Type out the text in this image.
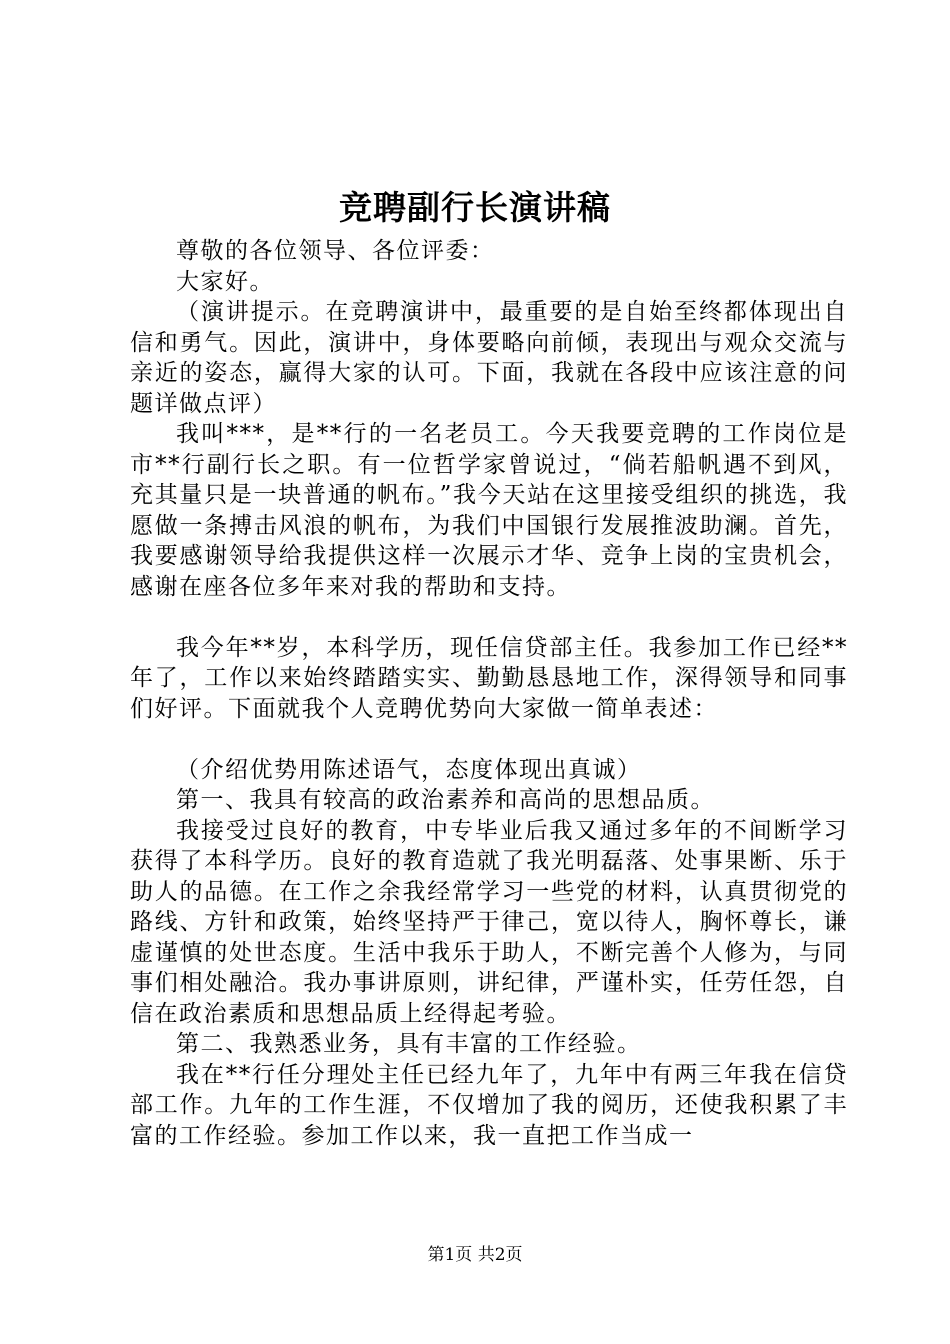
竞聘副行长演讲稿

尊敬的各位领导、各位评委：

大家好。

（演讲提示。在竞聘演讲中，最重要的是自始至终都体现出自信和勇气。因此，演讲中，身体要略向前倾，表现出与观众交流与亲近的姿态，赢得大家的认可。下面，我就在各段中应该注意的问题详做点评）

我叫***，是**行的一名老员工。今天我要竞聘的工作岗位是市**行副行长之职。有一位哲学家曾说过，“倘若船帆遇不到风，充其量只是一块普通的帆布。”我今天站在这里接受组织的挑选，我愿做一条搏击风浪的帆布，为我们中国银行发展推波助澜。首先，我要感谢领导给我提供这样一次展示才华、竞争上岗的宝贵机会，感谢在座各位多年来对我的帮助和支持。

我今年**岁，本科学历，现任信贷部主任。我参加工作已经**年了，工作以来始终踏踏实实、勤勤恳恳地工作，深得领导和同事们好评。下面就我个人竞聘优势向大家做一简单表述：

（介绍优势用陈述语气，态度体现出真诚）

第一、我具有较高的政治素养和高尚的思想品质。

我接受过良好的教育，中专毕业后我又通过多年的不间断学习获得了本科学历。良好的教育造就了我光明磊落、处事果断、乐于助人的品德。在工作之余我经常学习一些党的材料，认真贯彻党的路线、方针和政策，始终坚持严于律己，宽以待人，胸怀尊长，谦虚谨慎的处世态度。生活中我乐于助人，不断完善个人修为，与同事们相处融洽。我办事讲原则，讲纪律，严谨朴实，任劳任怨，自信在政治素质和思想品质上经得起考验。

第二、我熟悉业务，具有丰富的工作经验。

我在**行任分理处主任已经九年了，九年中有两三年我在信贷部工作。九年的工作生涯，不仅增加了我的阅历，还使我积累了丰富的工作经验。参加工作以来，我一直把工作当成一

第1页 共2页
